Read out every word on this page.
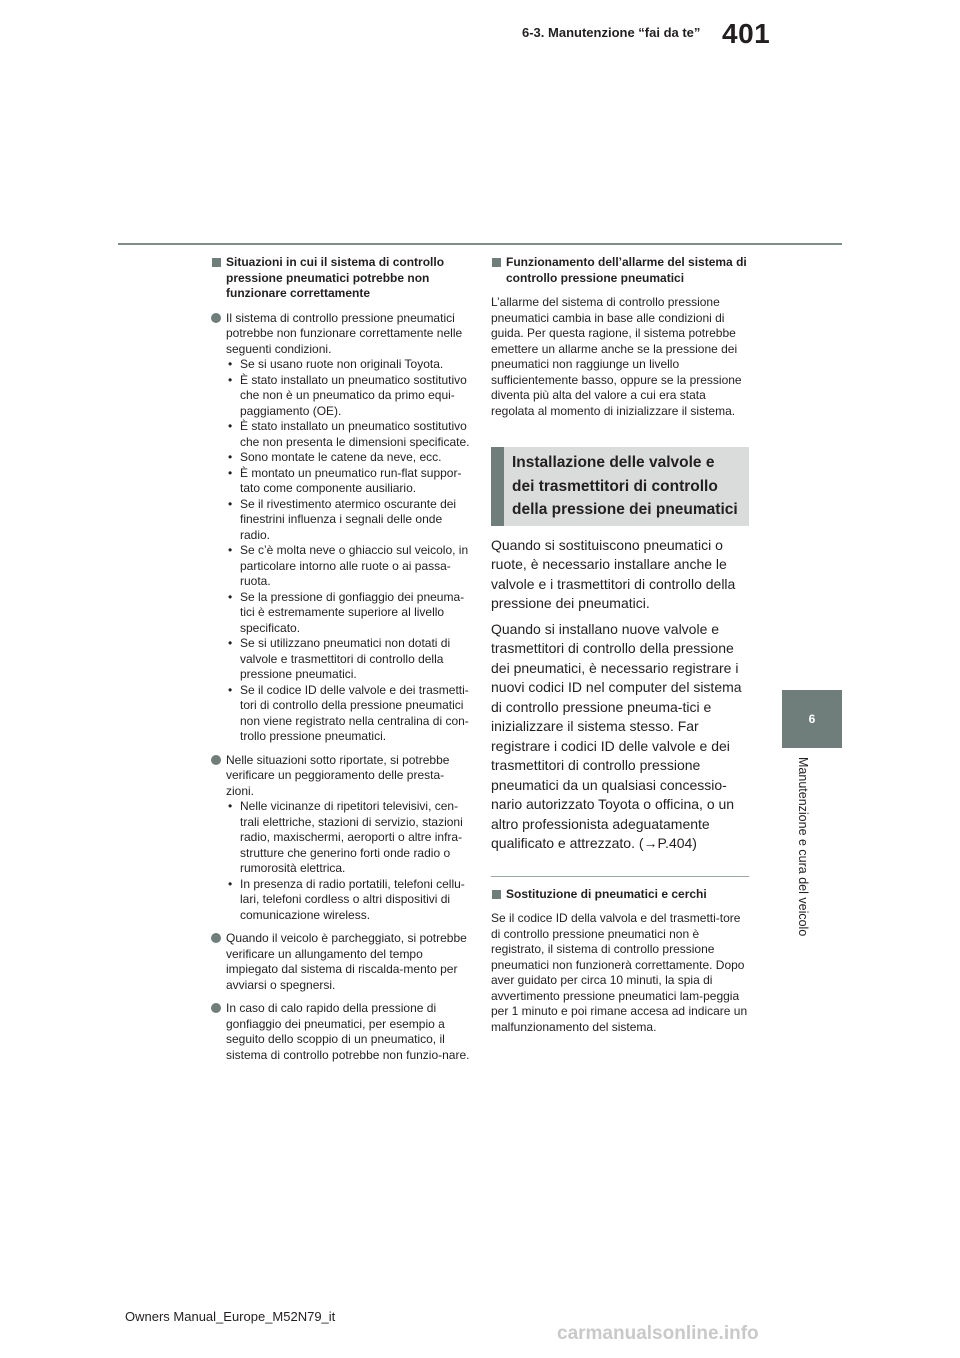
401
6-3. Manutenzione “fai da te”
6
Manutenzione e cura del veicolo
Situazioni in cui il sistema di controllo pressione pneumatici potrebbe non funzionare correttamente
Il sistema di controllo pressione pneumatici potrebbe non funzionare correttamente nelle seguenti condizioni.
• Se si usano ruote non originali Toyota.
• È stato installato un pneumatico sostitutivo che non è un pneumatico da primo equi-paggiamento (OE).
• È stato installato un pneumatico sostitutivo che non presenta le dimensioni specificate.
• Sono montate le catene da neve, ecc.
• È montato un pneumatico run-flat suppor-tato come componente ausiliario.
• Se il rivestimento atermico oscurante dei finestrini influenza i segnali delle onde radio.
• Se c’è molta neve o ghiaccio sul veicolo, in particolare intorno alle ruote o ai passa-ruota.
• Se la pressione di gonfiaggio dei pneuma-tici è estremamente superiore al livello specificato.
• Se si utilizzano pneumatici non dotati di valvole e trasmettitori di controllo della pressione pneumatici.
• Se il codice ID delle valvole e dei trasmetti-tori di controllo della pressione pneumatici non viene registrato nella centralina di con-trollo pressione pneumatici.
Nelle situazioni sotto riportate, si potrebbe verificare un peggioramento delle presta-zioni.
• Nelle vicinanze di ripetitori televisivi, cen-trali elettriche, stazioni di servizio, stazioni radio, maxischermi, aeroporti o altre infra-strutture che generino forti onde radio o rumorosità elettrica.
• In presenza di radio portatili, telefoni cellu-lari, telefoni cordless o altri dispositivi di comunicazione wireless.
Quando il veicolo è parcheggiato, si potrebbe verificare un allungamento del tempo impiegato dal sistema di riscalda-mento per avviarsi o spegnersi.
In caso di calo rapido della pressione di gonfiaggio dei pneumatici, per esempio a seguito dello scoppio di un pneumatico, il sistema di controllo potrebbe non funzio-nare.
Funzionamento dell’allarme del sistema di controllo pressione pneumatici
L’allarme del sistema di controllo pressione pneumatici cambia in base alle condizioni di guida. Per questa ragione, il sistema potrebbe emettere un allarme anche se la pressione dei pneumatici non raggiunge un livello sufficientemente basso, oppure se la pressione diventa più alta del valore a cui era stata regolata al momento di inizializzare il sistema.
Installazione delle valvole e dei trasmettitori di controllo della pressione dei pneumatici
Quando si sostituiscono pneumatici o ruote, è necessario installare anche le valvole e i trasmettitori di controllo della pressione dei pneumatici.
Quando si installano nuove valvole e trasmettitori di controllo della pressione dei pneumatici, è necessario registrare i nuovi codici ID nel computer del sistema di controllo pressione pneuma-tici e inizializzare il sistema stesso. Far registrare i codici ID delle valvole e dei trasmettitori di controllo pressione pneumatici da un qualsiasi concessio-nario autorizzato Toyota o officina, o un altro professionista adeguatamente qualificato e attrezzato. (→P.404)
Sostituzione di pneumatici e cerchi
Se il codice ID della valvola e del trasmetti-tore di controllo pressione pneumatici non è registrato, il sistema di controllo pressione pneumatici non funzionerà correttamente. Dopo aver guidato per circa 10 minuti, la spia di avvertimento pressione pneumatici lam-peggia per 1 minuto e poi rimane accesa ad indicare un malfunzionamento del sistema.
Owners Manual_Europe_M52N79_it
carmanualsonline.info
